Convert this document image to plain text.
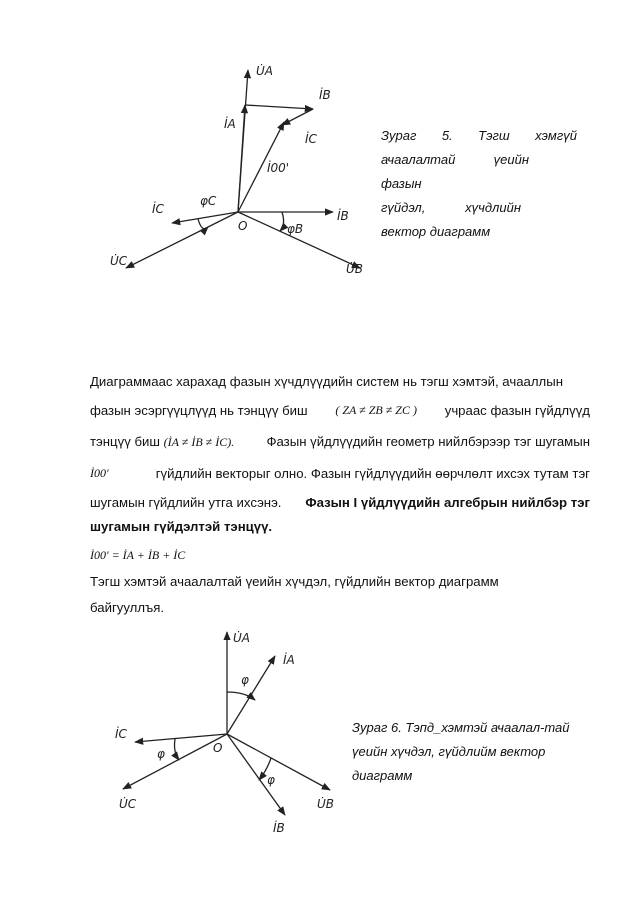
U̇A
İA
İB
İC
İ00'
İC
φC
O
İB
φB
U̇C
U̇B
Зураг 5. Тэгш хэмгүй
ачаалалтай	үеийн
фазын
гүйдэл,	хүчдлийн
вектор диаграмм
Диаграммаас харахад фазын хүчдлүүдийн систем нь тэгш хэмтэй, ачааллын
фазын эсэргүүцлүүд нь тэнцүү биш ( ZA ≠ ZB ≠ ZC ) учраас фазын гүйдлүүд
тэнцүү биш (İA ≠ İB ≠ İC). Фазын үйдлүүдийн геометр нийлбэрээр тэг шугамын
İ00'	гүйдлийн векторыг олно. Фазын гүйдлүүдийн өөрчлөлт ихсэх тутам тэг
шугамын гүйдлийн утга ихсэнэ. Фазын I үйдлүүдийн алгебрын нийлбэр тэг
шугамын гүйдэлтэй тэнцүү.
İ00' = İA + İB + İC
Тэгш хэмтэй ачаалалтай үеийн хүчдэл, гүйдлийн вектор диаграмм
байгууллъя.
U̇A
İA
φ
İC
φ	O
φ
U̇C	U̇B
İB
Зураг 6. Тэпд_хэмтэй ачаалал-тай
үеийн хүчдэл, гүйдлийм вектор
диаграмм
